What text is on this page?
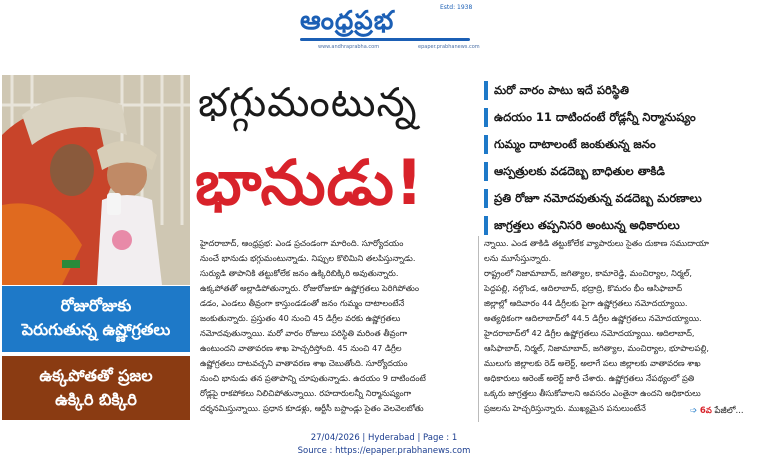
ఆంధ్రప్రభ	Estd: 1938
www.andhraprabha.com	epaper.prabhanews.com
రోజురోజుకు
పెరుగుతున్న ఉష్ణోగ్రతలు
ఉక్కపోతతో ప్రజల
ఉక్కిరి బిక్కిరి
భగ్గుమంటున్న
భానుడు!
మరో వారం పాటు ఇదే పరిస్థితి
ఉదయం 11 దాటిందంటే రోడ్లన్నీ నిర్మానుష్యం
గుమ్మం దాటాలంటే జంకుతున్న జనం
ఆస్పత్రులకు వడదెబ్బ బాధితుల తాకిడి
ప్రతి రోజూ నమోదవుతున్న వడదెబ్బ మరణాలు
జాగ్రత్తలు తప్పనిసరి అంటున్న అధికారులు
హైదరాబాద్, ఆంధ్రప్రభ: ఎండ ప్రచండంగా మారింది. సూర్యోదయం
నుంచే భానుడు భగ్గుమంటున్నాడు. నిప్పుల కొలిమిని తలపిస్తున్నాడు.
సుర్యుడి తాపానికి తట్టుకోలేక జనం ఉక్కిరిబిక్కిరి అవుతున్నారు.
ఉక్కపోతతో అల్లాడిపోతున్నారు. రోజురోజుకూ ఉష్ణోగ్రతలు పెరిగిపోతుం
డడం, ఎండలు తీవ్రంగా కాస్తుండడంతో జనం గుమ్మం దాటాలంటేనే
జంకుతున్నారు. ప్రస్తుతం 40 నుంచి 45 డిగ్రీల వరకు ఉష్ణోగ్రతలు
నమోదవుతున్నాయి. మరో వారం రోజులు పరిస్థితి మరింత తీవ్రంగా
ఉంటుందని వాతావరణ శాఖ హెచ్చరిస్తోంది. 45 నుంచి 47 డిగ్రీల
ఉష్ణోగ్రతలు దాటవచ్చని వాతావరణ శాఖ చెబుతోంది. సూర్యోదయం
నుంచి భానుడు తన ప్రతాపాన్ని చూపుతున్నాడు. ఉదయం 9 దాటిందంటే
రోడ్లపై రాకపోకలు నిలిచిపోతున్నాయి. రహదారులన్నీ నిర్మానుష్యంగా
దర్శనమిస్తున్నాయి. ప్రధాన కూడళ్లు, ఆర్టీసీ బస్టాండ్లు సైతం వెలవెలబోతు
న్నాయి. ఎండ తాకిడి తట్టుకోలేక వ్యాపారులు సైతం దుకాణ సముదాయా
లను మూసేస్తున్నారు.
రాష్ట్రంలో నిజామాబాద్, జగిత్యాల, కామారెడ్డి, మంచిర్యాల, నిర్మల్,
పెద్దపల్లి, నల్గొండ, ఆదిలాబాద్, భద్రాద్రి, కొమరం భీం ఆసిఫాబాద్
జిల్లాల్లో ఆదివారం 44 డిగ్రీలకు పైగా ఉష్ణోగ్రతలు నమోదయ్యాయి.
అత్యధికంగా ఆదిలాబాద్‌లో 44.5 డిగ్రీల ఉష్ణోగ్రతలు నమోదయ్యాయి.
హైదరాబాద్‌లో 42 డిగ్రీల ఉష్ణోగ్రతలు నమోదయ్యాయి. ఆదిలాబాద్,
ఆసిఫాబాద్, నిర్మల్, నిజామాబాద్, జగిత్యాల, మంచిర్యాల, భూపాలపల్లి,
ములుగు జిల్లాలకు రెడ్ అలెర్ట్, అలాగే పలు జిల్లాలకు వాతావరణ శాఖ
అధికారులు ఆరెంజ్ అలెర్ట్ జారీ చేశారు. ఉష్ణోగ్రతలు నేపథ్యంలో ప్రతి
ఒక్కరు జాగ్రత్తలు తీసుకోవాలని అవసరం ఎంతైనా ఉందని అధికారులు
ప్రజలను హెచ్చరిస్తున్నారు. ముఖ్యమైన పనులుంటేనే	➩ 6వ పేజీలో...
27/04/2026 | Hyderabad | Page : 1
Source : https://epaper.prabhanews.com
